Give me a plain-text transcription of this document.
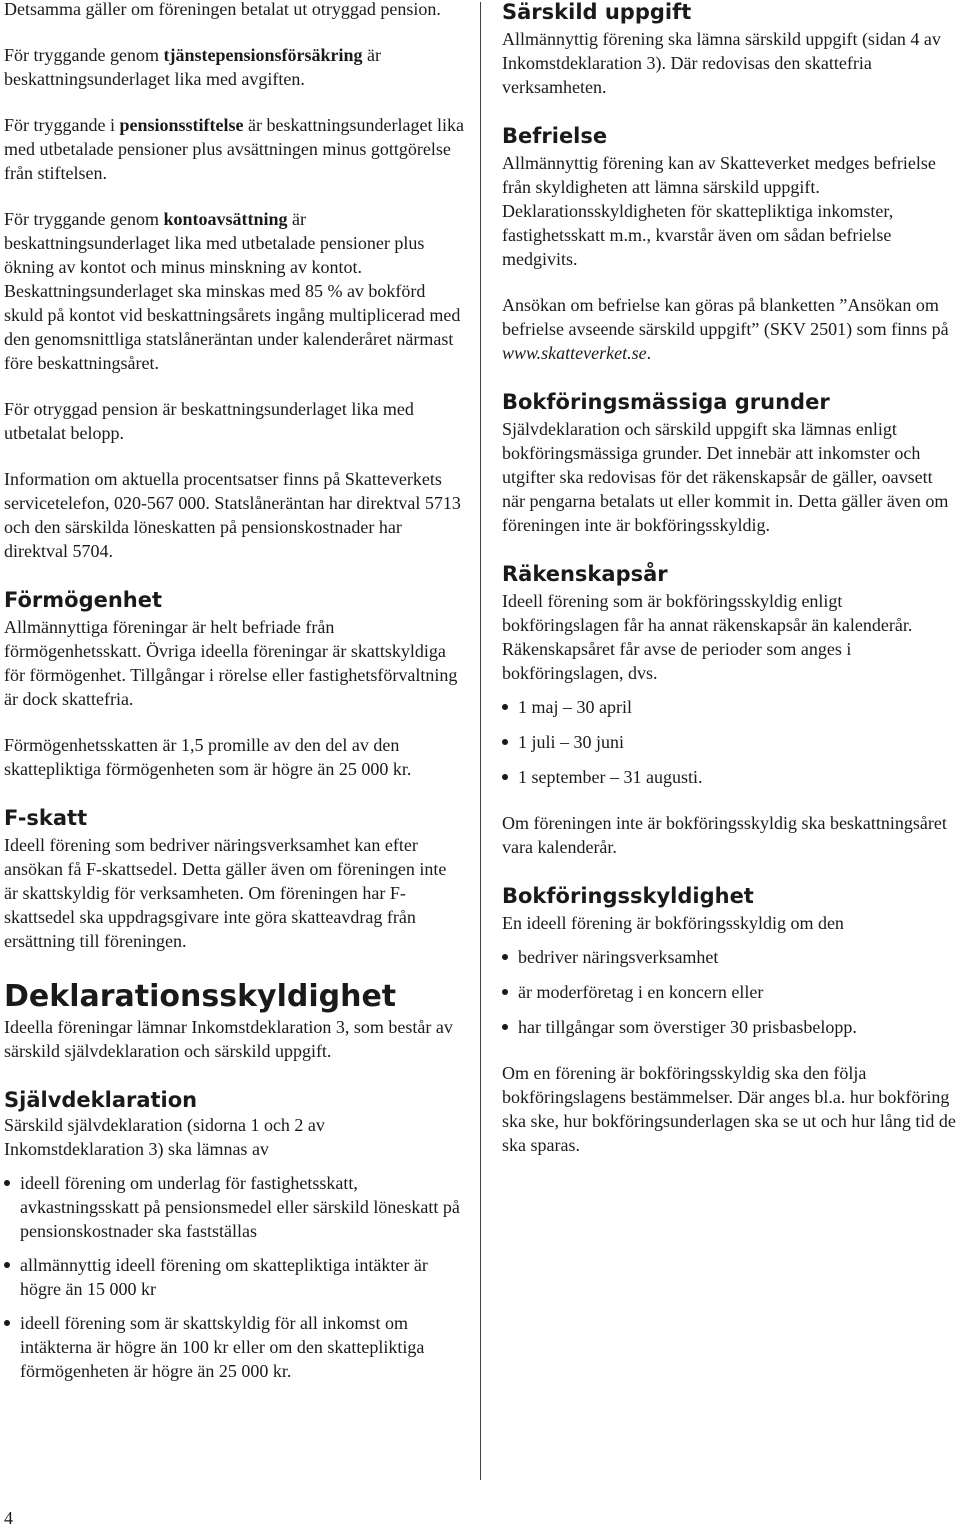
Detsamma gäller om föreningen betalat ut otryggad pension.

För tryggande genom tjänstepensionsförsäkring är beskattningsunderlaget lika med avgiften.

För tryggande i pensionsstiftelse är beskattningsunderlaget lika med utbetalade pensioner plus avsättningen minus gottgörelse från stiftelsen.

För tryggande genom kontoavsättning är beskattningsunderlaget lika med utbetalade pensioner plus ökning av kontot och minus minskning av kontot. Beskattningsunderlaget ska minskas med 85 % av bokförd skuld på kontot vid beskattningsårets ingång multiplicerad med den genomsnittliga statslåneräntan under kalenderåret närmast före beskattningsåret.

För otryggad pension är beskattningsunderlaget lika med utbetalat belopp.

Information om aktuella procentsatser finns på Skatteverkets servicetelefon, 020-567 000. Statslåneräntan har direktval 5713 och den särskilda löneskatten på pensionskostnader har direktval 5704.

Förmögenhet

Allmännyttiga föreningar är helt befriade från förmögenhetsskatt. Övriga ideella föreningar är skattskyldiga för förmögenhet. Tillgångar i rörelse eller fastighetsförvaltning är dock skattefria.

Förmögenhetsskatten är 1,5 promille av den del av den skattepliktiga förmögenheten som är högre än 25 000 kr.

F-skatt

Ideell förening som bedriver näringsverksamhet kan efter ansökan få F-skattsedel. Detta gäller även om föreningen inte är skattskyldig för verksamheten. Om föreningen har F-skattsedel ska uppdragsgivare inte göra skatteavdrag från ersättning till föreningen.

Deklarationsskyldighet

Ideella föreningar lämnar Inkomstdeklaration 3, som består av särskild självdeklaration och särskild uppgift.

Självdeklaration

Särskild självdeklaration (sidorna 1 och 2 av Inkomstdeklaration 3) ska lämnas av

ideell förening om underlag för fastighetsskatt, avkastningsskatt på pensionsmedel eller särskild löneskatt på pensionskostnader ska fastställas
allmännyttig ideell förening om skattepliktiga intäkter är högre än 15 000 kr
ideell förening som är skattskyldig för all inkomst om intäkterna är högre än 100 kr eller om den skattepliktiga förmögenheten är högre än 25 000 kr.
Särskild uppgift

Allmännyttig förening ska lämna särskild uppgift (sidan 4 av Inkomstdeklaration 3). Där redovisas den skattefria verksamheten.

Befrielse

Allmännyttig förening kan av Skatteverket medges befrielse från skyldigheten att lämna särskild uppgift. Deklarationsskyldigheten för skattepliktiga inkomster, fastighetsskatt m.m., kvarstår även om sådan befrielse medgivits.

Ansökan om befrielse kan göras på blanketten ”Ansökan om befrielse avseende särskild uppgift” (SKV 2501) som finns på www.skatteverket.se.

Bokföringsmässiga grunder

Självdeklaration och särskild uppgift ska lämnas enligt bokföringsmässiga grunder. Det innebär att inkomster och utgifter ska redovisas för det räkenskapsår de gäller, oavsett när pengarna betalats ut eller kommit in. Detta gäller även om föreningen inte är bokföringsskyldig.

Räkenskapsår

Ideell förening som är bokföringsskyldig enligt bokföringslagen får ha annat räkenskapsår än kalenderår. Räkenskapsåret får avse de perioder som anges i bokföringslagen, dvs.

1 maj – 30 april
1 juli – 30 juni
1 september – 31 augusti.

Om föreningen inte är bokföringsskyldig ska beskattningsåret vara kalenderår.

Bokföringsskyldighet

En ideell förening är bokföringsskyldig om den

bedriver näringsverksamhet
är moderföretag i en koncern eller
har tillgångar som överstiger 30 prisbasbelopp.

Om en förening är bokföringsskyldig ska den följa bokföringslagens bestämmelser. Där anges bl.a. hur bokföring ska ske, hur bokföringsunderlagen ska se ut och hur lång tid de ska sparas.

4
